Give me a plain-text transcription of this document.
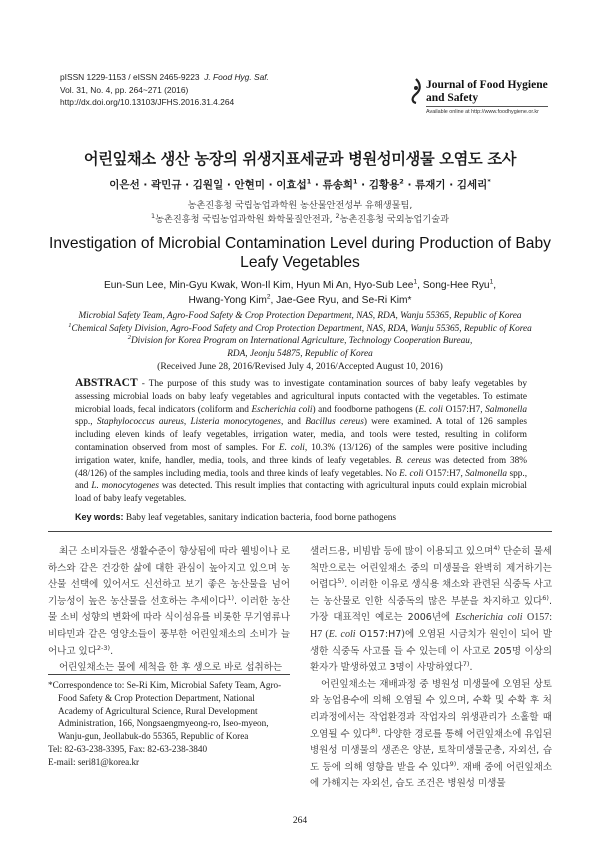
pISSN 1229-1153 / eISSN 2465-9223 J. Food Hyg. Saf.
Vol. 31, No. 4, pp. 264~271 (2016)
http://dx.doi.org/10.13103/JFHS.2016.31.4.264
Journal of Food Hygiene
and Safety
Available online at http://www.foodhygiene.or.kr
어린잎채소 생산 농장의 위생지표세균과 병원성미생물 오염도 조사
이은선 · 곽민규 · 김원일 · 안현미 · 이효섭$^1$ · 류송희$^1$ · 김황용$^2$ · 류재기 · 김세리*
농촌진흥청 국립농업과학원 농산물안전성부 유해생물팀,
$^1$농촌진흥청 국립농업과학원 화학물질안전과, $^2$농촌진흥청 국외농업기술과
Investigation of Microbial Contamination Level during Production of Baby
Leafy Vegetables
Eun-Sun Lee, Min-Gyu Kwak, Won-Il Kim, Hyun Mi An, Hyo-Sub Lee$^1$, Song-Hee Ryu$^1$,
Hwang-Yong Kim$^2$, Jae-Gee Ryu, and Se-Ri Kim*
Microbial Safety Team, Agro-Food Safety & Crop Protection Department, NAS, RDA, Wanju 55365, Republic of Korea
$^1$Chemical Safety Division, Agro-Food Safety and Crop Protection Department, NAS, RDA, Wanju 55365, Republic of Korea
$^2$Division for Korea Program on International Agriculture, Technology Cooperation Bureau,
RDA, Jeonju 54875, Republic of Korea
(Received June 28, 2016/Revised July 4, 2016/Accepted August 10, 2016)
ABSTRACT - The purpose of this study was to investigate contamination sources of baby leafy vegetables by assessing microbial loads on baby leafy vegetables and agricultural inputs contacted with the vegetables. To estimate microbial loads, fecal indicators (coliform and Escherichia coli) and foodborne pathogens (E. coli O157:H7, Salmonella spp., Staphylococcus aureus, Listeria monocytogenes, and Bacillus cereus) were examined. A total of 126 samples including eleven kinds of leafy vegetables, irrigation water, media, and tools were tested, resulting in coliform contamination observed from most of samples. For E. coli, 10.3% (13/126) of the samples were positive including irrigation water, knife, handler, media, tools, and three kinds of leafy vegetables. B. cereus was detected from 38% (48/126) of the samples including media, tools and three kinds of leafy vegetables. No E. coli O157:H7, Salmonella spp., and L. monocytogenes was detected. This result implies that contacting with agricultural inputs could explain microbial load of baby leafy vegetables.
Key words: Baby leaf vegetables, sanitary indication bacteria, food borne pathogens

최근 소비자들은 생활수준이 향상됨에 따라 웰빙이나 로하스와 같은 건강한 삶에 대한 관심이 높아지고 있으며 농산물 선택에 있어서도 신선하고 보기 좋은 농산물을 넘어 기능성이 높은 농산물을 선호하는 추세이다$^{1)}$. 이러한 농산물 소비 성향의 변화에 따라 식이섬유를 비롯한 무기염류나 비타민과 같은 영양소들이 풍부한 어린잎채소의 소비가 늘어나고 있다$^{2-3)}$.

어린잎채소는 물에 세척을 한 후 생으로 바로 섭취하는

*Correspondence to: Se-Ri Kim, Microbial Safety Team, Agro-Food Safety & Crop Protection Department, National Academy of Agricultural Science, Rural Development Administration, 166, Nongsaengmyeong-ro, Iseo-myeon, Wanju-gun, Jeollabuk-do 55365, Republic of Korea
Tel: 82-63-238-3395, Fax: 82-63-238-3840
E-mail: seri81@korea.kr

샐러드용, 비빔밥 등에 많이 이용되고 있으며$^{4)}$ 단순히 물세척만으로는 어린잎채소 중의 미생물을 완벽히 제거하기는 어렵다$^{5)}$. 이러한 이유로 생식용 채소와 관련된 식중독 사고는 농산물로 인한 식중독의 많은 부분을 차지하고 있다$^{6)}$. 가장 대표적인 예로는 2006년에 Escherichia coli O157: H7 (E. coli O157:H7)에 오염된 시금치가 원인이 되어 발생한 식중독 사고를 들 수 있는데 이 사고로 205명 이상의 환자가 발생하였고 3명이 사망하였다$^{7)}$.

어린잎채소는 재배과정 중 병원성 미생물에 오염된 상토와 농업용수에 의해 오염될 수 있으며, 수확 및 수확 후 처리과정에서는 작업환경과 작업자의 위생관리가 소홀할 때 오염될 수 있다$^{8)}$. 다양한 경로를 통해 어린잎채소에 유입된 병원성 미생물의 생존은 양분, 토착미생물군총, 자외선, 습도 등에 의해 영향을 받을 수 있다$^{9)}$. 재배 중에 어린잎채소에 가해지는 자외선, 습도 조건은 병원성 미생물

264
